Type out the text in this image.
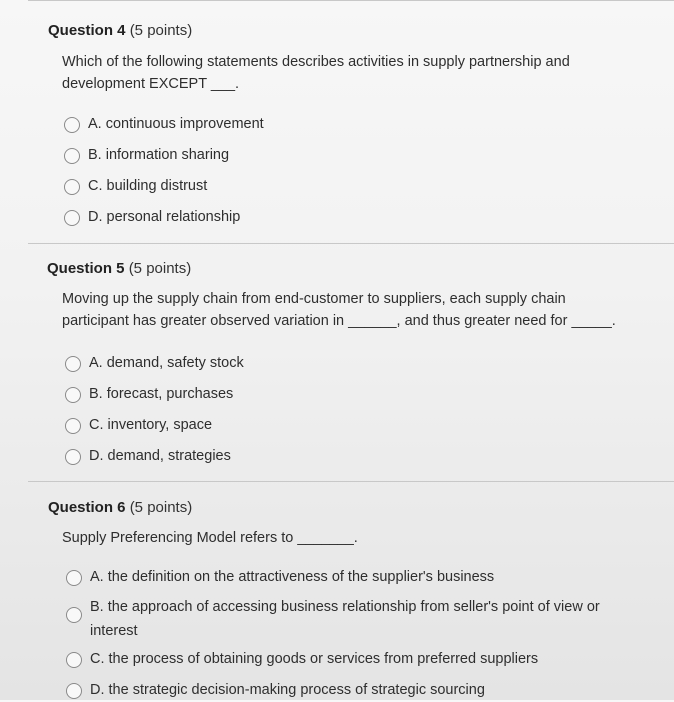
Question 4 (5 points)
Which of the following statements describes activities in supply partnership and
development EXCEPT ___.
A. continuous improvement
B. information sharing
C. building distrust
D. personal relationship
Question 5 (5 points)
Moving up the supply chain from end-customer to suppliers, each supply chain
participant has greater observed variation in ______, and thus greater need for _____.
A. demand, safety stock
B. forecast, purchases
C. inventory, space
D. demand, strategies
Question 6 (5 points)
Supply Preferencing Model refers to _______.
A. the definition on the attractiveness of the supplier's business
B. the approach of accessing business relationship from seller's point of view or interest
C. the process of obtaining goods or services from preferred suppliers
D. the strategic decision-making process of strategic sourcing
